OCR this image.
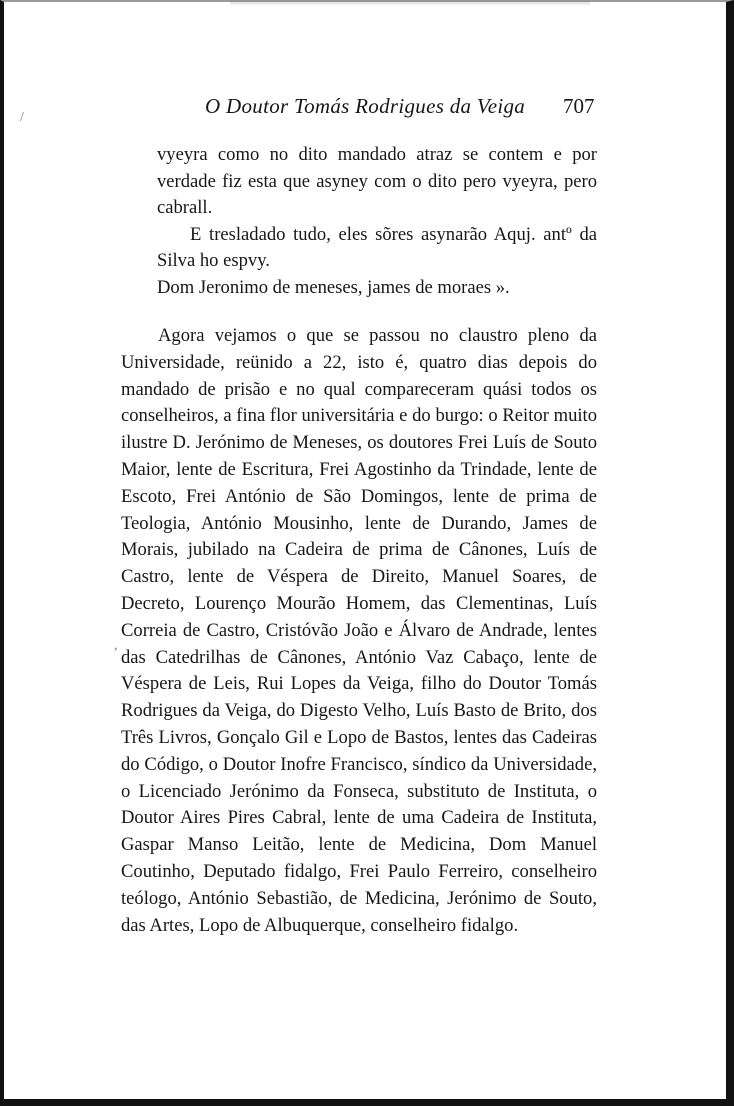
O Doutor Tomás Rodrigues da Veiga 707

vyeyra como no dito mandado atraz se contem e por verdade fiz esta que asyney com o dito pero vyeyra, pero cabrall.

E tresladado tudo, eles sõres asynarão Aquj. antº da Silva ho espvy.

Dom Jeronimo de meneses, james de moraes ».

Agora vejamos o que se passou no claustro pleno da Universidade, reünido a 22, isto é, quatro dias depois do mandado de prisão e no qual compareceram quási todos os conselheiros, a fina flor universitária e do burgo: o Reitor muito ilustre D. Jerónimo de Meneses, os doutores Frei Luís de Souto Maior, lente de Escritura, Frei Agostinho da Trindade, lente de Escoto, Frei António de São Domingos, lente de prima de Teologia, António Mousinho, lente de Durando, James de Morais, jubilado na Cadeira de prima de Cânones, Luís de Castro, lente de Véspera de Direito, Manuel Soares, de Decreto, Lourenço Mourão Homem, das Clementinas, Luís Correia de Castro, Cristóvão João e Álvaro de Andrade, lentes das Catedrilhas de Cânones, António Vaz Cabaço, lente de Véspera de Leis, Rui Lopes da Veiga, filho do Doutor Tomás Rodrigues da Veiga, do Digesto Velho, Luís Basto de Brito, dos Três Livros, Gonçalo Gil e Lopo de Bastos, lentes das Cadeiras do Código, o Doutor Inofre Francisco, síndico da Universidade, o Licenciado Jerónimo da Fonseca, substituto de Instituta, o Doutor Aires Pires Cabral, lente de uma Cadeira de Instituta, Gaspar Manso Leitão, lente de Medicina, Dom Manuel Coutinho, Deputado fidalgo, Frei Paulo Ferreiro, conselheiro teólogo, António Sebastião, de Medicina, Jerónimo de Souto, das Artes, Lopo de Albuquerque, conselheiro fidalgo.

/
,
